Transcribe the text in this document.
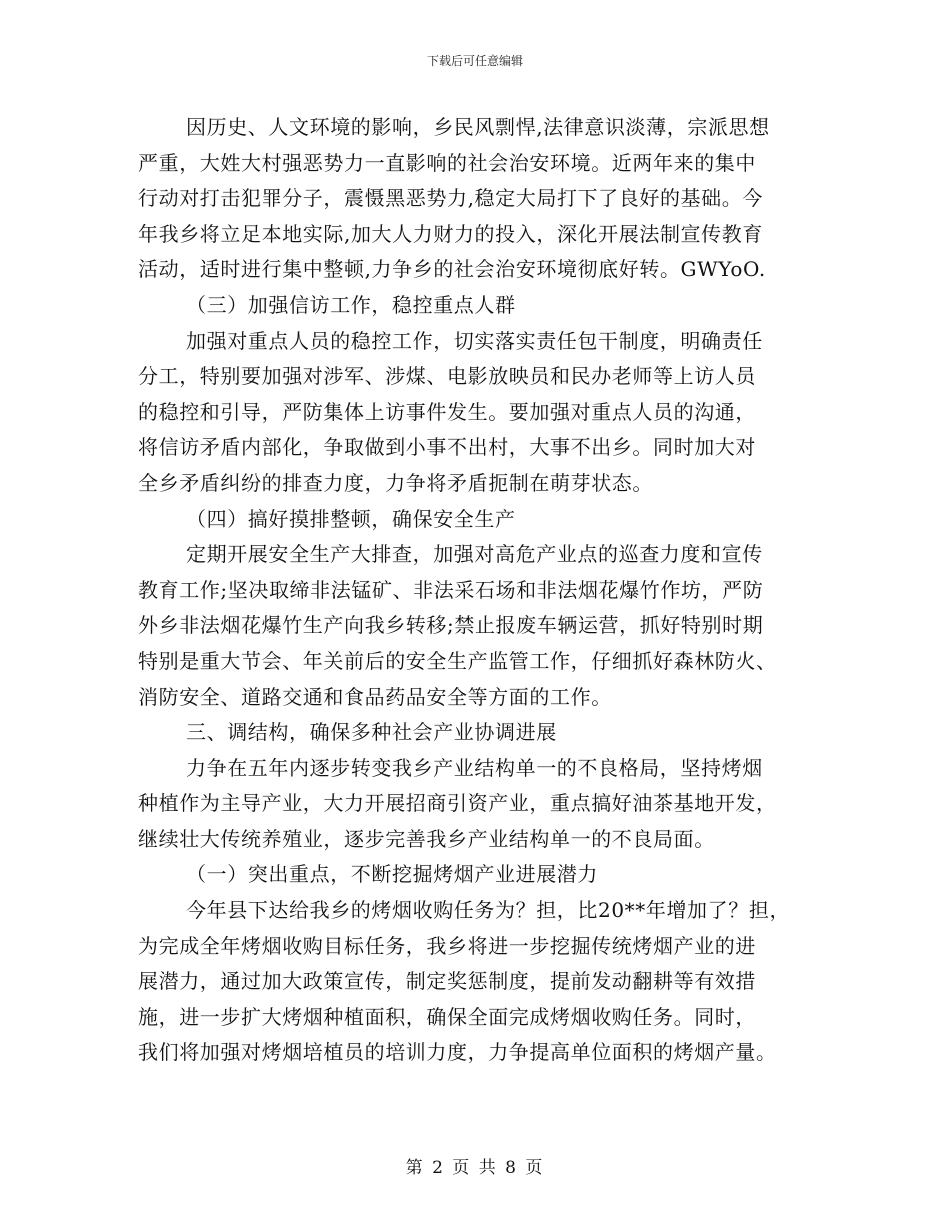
下载后可任意编辑
因历史、人文环境的影响，乡民风剽悍,法律意识淡薄，宗派思想
严重，大姓大村强恶势力一直影响的社会治安环境。近两年来的集中
行动对打击犯罪分子，震慑黑恶势力,稳定大局打下了良好的基础。今
年我乡将立足本地实际,加大人力财力的投入，深化开展法制宣传教育
活动，适时进行集中整顿,力争乡的社会治安环境彻底好转。GWYoO.
（三）加强信访工作，稳控重点人群
加强对重点人员的稳控工作，切实落实责任包干制度，明确责任
分工，特别要加强对涉军、涉煤、电影放映员和民办老师等上访人员
的稳控和引导，严防集体上访事件发生。要加强对重点人员的沟通，
将信访矛盾内部化，争取做到小事不出村，大事不出乡。同时加大对
全乡矛盾纠纷的排查力度，力争将矛盾扼制在萌芽状态。
（四）搞好摸排整顿，确保安全生产
定期开展安全生产大排查，加强对高危产业点的巡查力度和宣传
教育工作;坚决取缔非法锰矿、非法采石场和非法烟花爆竹作坊，严防
外乡非法烟花爆竹生产向我乡转移;禁止报废车辆运营，抓好特别时期
特别是重大节会、年关前后的安全生产监管工作，仔细抓好森林防火、
消防安全、道路交通和食品药品安全等方面的工作。
三、调结构，确保多种社会产业协调进展
力争在五年内逐步转变我乡产业结构单一的不良格局，坚持烤烟
种植作为主导产业，大力开展招商引资产业，重点搞好油茶基地开发，
继续壮大传统养殖业，逐步完善我乡产业结构单一的不良局面。
（一）突出重点，不断挖掘烤烟产业进展潜力
今年县下达给我乡的烤烟收购任务为？担，比20**年增加了？担，
为完成全年烤烟收购目标任务，我乡将进一步挖掘传统烤烟产业的进
展潜力，通过加大政策宣传，制定奖惩制度，提前发动翻耕等有效措
施，进一步扩大烤烟种植面积，确保全面完成烤烟收购任务。同时，
我们将加强对烤烟培植员的培训力度，力争提高单位面积的烤烟产量。
第 2 页 共 8 页
